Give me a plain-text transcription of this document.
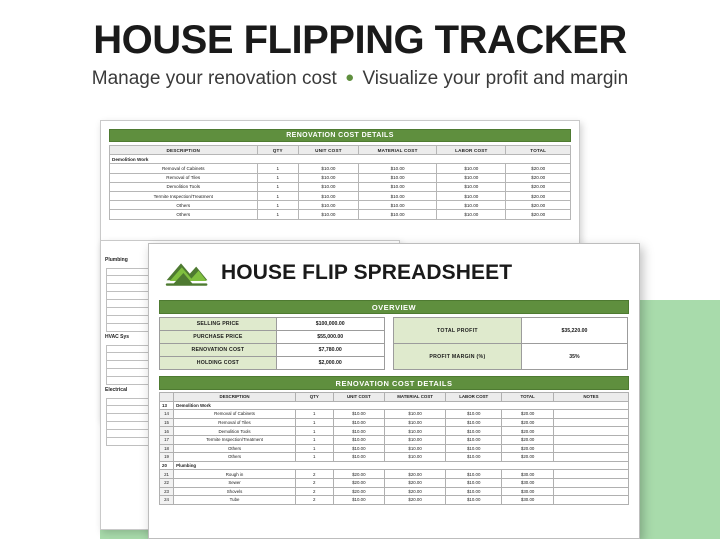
HOUSE FLIPPING TRACKER
Manage your renovation cost ● Visualize your profit and margin
RENOVATION COST DETAILS
DESCRIPTION	QTY	UNIT COST	MATERIAL COST	LABOR COST	TOTAL
Demolition Work					
Removal of Cabinets	1	$10.00	$10.00	$10.00	$20.00
Removal of Tiles	1	$10.00	$10.00	$10.00	$20.00
Demolition Tools	1	$10.00	$10.00	$10.00	$20.00
Termite Inspection/Treatment	1	$10.00	$10.00	$10.00	$20.00
Others	1	$10.00	$10.00	$10.00	$20.00
Others	1	$10.00	$10.00	$10.00	$20.00
Plumbing
HVAC Sys
Electrical
HOUSE FLIP SPREADSHEET
OVERVIEW
SELLING PRICE	$100,000.00
PURCHASE PRICE	$55,000.00
RENOVATION COST	$7,780.00
HOLDING COST	$2,000.00
TOTAL PROFIT	$35,220.00
PROFIT MARGIN (%)	35%
RENOVATION COST DETAILS
	DESCRIPTION	QTY	UNIT COST	MATERIAL COST	LABOR COST	TOTAL	NOTES
13	Demolition Work						
14	Removal of Cabinets	1	$10.00	$10.00	$10.00	$20.00	
15	Removal of Tiles	1	$10.00	$10.00	$10.00	$20.00	
16	Demolition Tools	1	$10.00	$10.00	$10.00	$20.00	
17	Termite Inspection/Treatment	1	$10.00	$10.00	$10.00	$20.00	
18	Others	1	$10.00	$10.00	$10.00	$20.00	
19	Others	1	$10.00	$10.00	$10.00	$20.00	
20	Plumbing						
21	Rough in	2	$20.00	$20.00	$10.00	$30.00	
22	Sewer	2	$20.00	$20.00	$10.00	$30.00	
23	Shovels	2	$20.00	$20.00	$10.00	$30.00	
24	Tube	2	$10.00	$20.00	$10.00	$30.00	
